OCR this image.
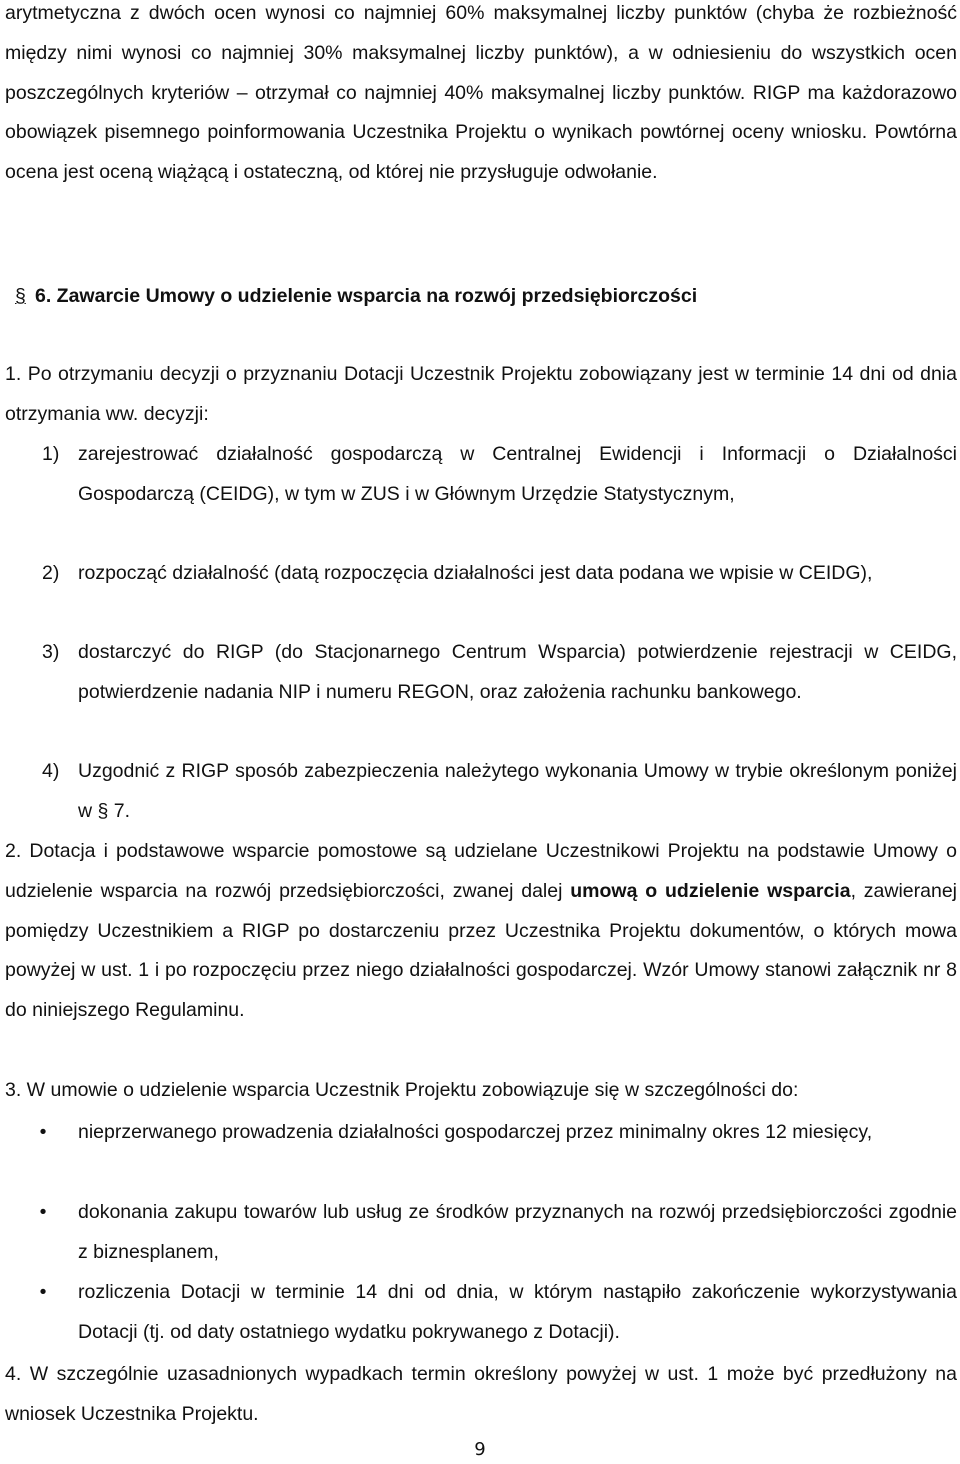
arytmetyczna z dwóch ocen wynosi co najmniej 60% maksymalnej liczby punktów (chyba że rozbieżność między nimi wynosi co najmniej 30% maksymalnej liczby punktów), a w odniesieniu do wszystkich ocen poszczególnych kryteriów – otrzymał co najmniej 40% maksymalnej liczby punktów. RIGP ma każdorazowo obowiązek pisemnego poinformowania Uczestnika Projektu o wynikach powtórnej oceny wniosku. Powtórna ocena jest oceną wiążącą i ostateczną, od której nie przysługuje odwołanie.

§ 6. Zawarcie Umowy o udzielenie wsparcia na rozwój przedsiębiorczości

1. Po otrzymaniu decyzji o przyznaniu Dotacji Uczestnik Projektu zobowiązany jest w terminie 14 dni od dnia otrzymania ww. decyzji:

1) zarejestrować działalność gospodarczą w Centralnej Ewidencji i Informacji o Działalności Gospodarczą (CEIDG), w tym w ZUS i w Głównym Urzędzie Statystycznym,
2) rozpocząć działalność (datą rozpoczęcia działalności jest data podana we wpisie w CEIDG),
3) dostarczyć do RIGP (do Stacjonarnego Centrum Wsparcia) potwierdzenie rejestracji w CEIDG, potwierdzenie nadania NIP i numeru REGON, oraz założenia rachunku bankowego.
4) Uzgodnić z RIGP sposób zabezpieczenia należytego wykonania Umowy w trybie określonym poniżej w § 7.

2. Dotacja i podstawowe wsparcie pomostowe są udzielane Uczestnikowi Projektu na podstawie Umowy o udzieleniе wsparcia na rozwój przedsiębiorczości, zwanej dalej umową o udzielenie wsparcia, zawieranej pomiędzy Uczestnikiem a RIGP po dostarczeniu przez Uczestnika Projektu dokumentów, o których mowa powyżej w ust. 1 i po rozpoczęciu przez niego działalności gospodarczej. Wzór Umowy stanowi załącznik nr 8 do niniejszego Regulaminu.

3. W umowie o udzielenie wsparcia Uczestnik Projektu zobowiązuje się w szczególności do:

• nieprzerwanego prowadzenia działalności gospodarczej przez minimalny okres 12 miesięcy,
• dokonania zakupu towarów lub usług ze środków przyznanych na rozwój przedsiębiorczości zgodnie z biznesplanem,
• rozliczenia Dotacji w terminie 14 dni od dnia, w którym nastąpiło zakończenie wykorzystywania Dotacji (tj. od daty ostatniego wydatku pokrywanego z Dotacji).

4. W szczególnie uzasadnionych wypadkach termin określony powyżej w ust. 1 może być przedłużony na wniosek Uczestnika Projektu.

9
